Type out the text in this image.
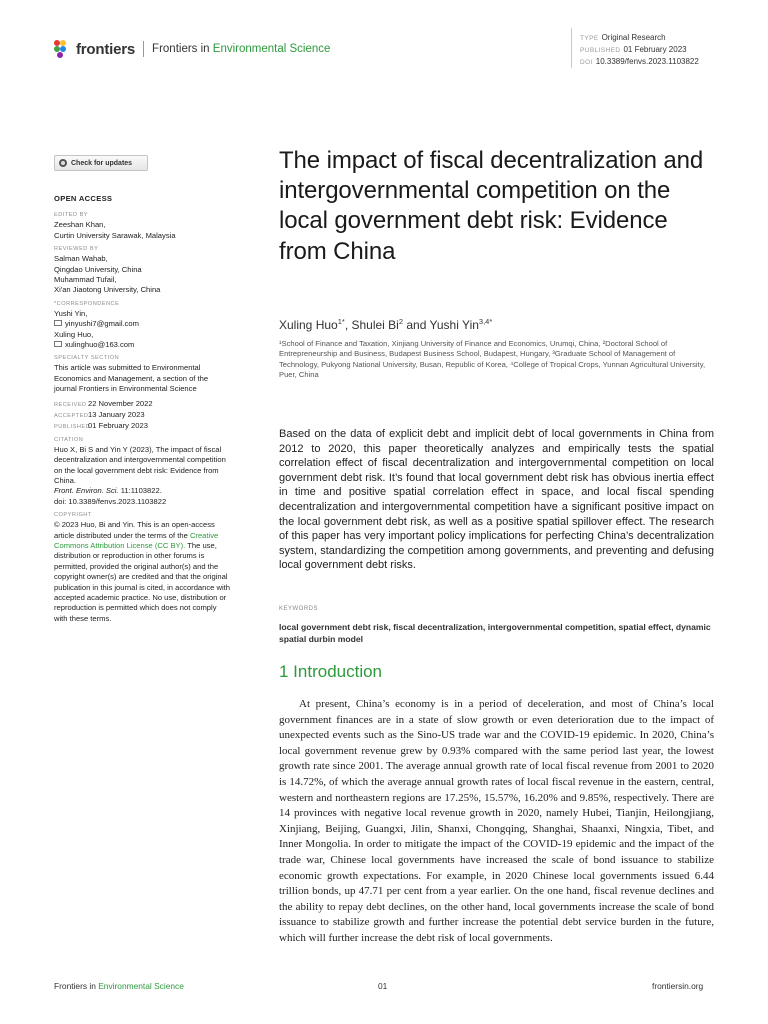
frontiers Frontiers in Environmental Science
TYPE Original Research
PUBLISHED 01 February 2023
DOI 10.3389/fenvs.2023.1103822
Check for updates
OPEN ACCESS
EDITED BY
Zeeshan Khan,
Curtin University Sarawak, Malaysia
REVIEWED BY
Salman Wahab,
Qingdao University, China
Muhammad Tufail,
Xi'an Jiaotong University, China
*CORRESPONDENCE
Yushi Yin,
yinyushi7@gmail.com
Xuling Huo,
xulinghuo@163.com
SPECIALTY SECTION
This article was submitted to Environmental Economics and Management, a section of the journal Frontiers in Environmental Science
RECEIVED22 November 2022
ACCEPTED13 January 2023
PUBLISHED01 February 2023
CITATION
Huo X, Bi S and Yin Y (2023), The impact of fiscal decentralization and intergovernmental competition on the local government debt risk: Evidence from China.
Front. Environ. Sci. 11:1103822.
doi: 10.3389/fenvs.2023.1103822
COPYRIGHT
© 2023 Huo, Bi and Yin. This is an open-access article distributed under the terms of the Creative Commons Attribution License (CC BY). The use, distribution or reproduction in other forums is permitted, provided the original author(s) and the copyright owner(s) are credited and that the original publication in this journal is cited, in accordance with accepted academic practice. No use, distribution or reproduction is permitted which does not comply with these terms.
The impact of fiscal decentralization and intergovernmental competition on the local government debt risk: Evidence from China
Xuling Huo$^{1*}$, Shulei Bi$^2$ and Yushi Yin$^{3,4*}$
¹School of Finance and Taxation, Xinjiang University of Finance and Economics, Urumqi, China, ²Doctoral School of Entrepreneurship and Business, Budapest Business School, Budapest, Hungary, ³Graduate School of Management of Technology, Pukyong National University, Busan, Republic of Korea, ⁴College of Tropical Crops, Yunnan Agricultural University, Puer, China
Based on the data of explicit debt and implicit debt of local governments in China from 2012 to 2020, this paper theoretically analyzes and empirically tests the spatial correlation effect of fiscal decentralization and intergovernmental competition on local government debt risk. It’s found that local government debt risk has obvious inertia effect in time and positive spatial correlation effect in space, and local fiscal spending decentralization and intergovernmental competition have a significant positive impact on the local government debt risk, as well as a positive spatial spillover effect. The research of this paper has very important policy implications for perfecting China’s decentralization system, standardizing the competition among governments, and preventing and defusing local government debt risks.
KEYWORDS
local government debt risk, fiscal decentralization, intergovernmental competition, spatial effect, dynamic spatial durbin model
1 Introduction
At present, China’s economy is in a period of deceleration, and most of China’s local government finances are in a state of slow growth or even deterioration due to the impact of unexpected events such as the Sino-US trade war and the COVID-19 epidemic. In 2020, China’s local government revenue grew by 0.93% compared with the same period last year, the lowest growth rate since 2001. The average annual growth rate of local fiscal revenue from 2001 to 2020 is 14.72%, of which the average annual growth rates of local fiscal revenue in the eastern, central, western and northeastern regions are 17.25%, 15.57%, 16.20% and 9.85%, respectively. There are 14 provinces with negative local revenue growth in 2020, namely Hubei, Tianjin, Heilongjiang, Xinjiang, Beijing, Guangxi, Jilin, Shanxi, Chongqing, Shanghai, Shaanxi, Ningxia, Tibet, and Inner Mongolia. In order to mitigate the impact of the COVID-19 epidemic and the impact of the trade war, Chinese local governments have increased the scale of bond issuance to stabilize economic growth expectations. For example, in 2020 Chinese local governments issued 6.44 trillion bonds, up 47.71 per cent from a year earlier. On the one hand, fiscal revenue declines and the ability to repay debt declines, on the other hand, local governments increase the scale of bond issuance to stabilize growth and further increase the potential debt service burden in the future, which will further increase the debt risk of local governments.
Frontiers in Environmental Science	01	frontiersin.org
